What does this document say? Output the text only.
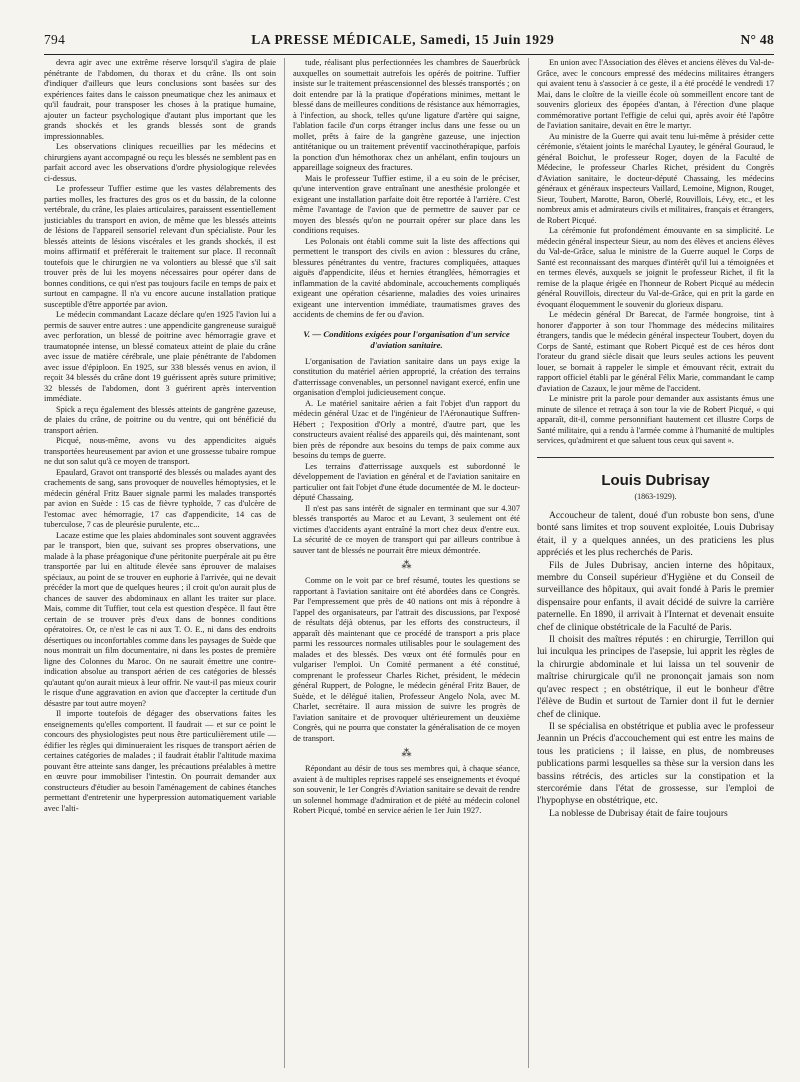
794	LA PRESSE MÉDICALE, Samedi, 15 Juin 1929	N° 48

devra agir avec une extrême réserve lorsqu'il s'agira de plaie pénétrante de l'abdomen, du thorax et du crâne. Ils ont soin d'indiquer d'ailleurs que leurs conclusions sont basées sur des expériences faites dans le caisson pneumatique chez les animaux et qu'il faudrait, pour transposer les choses à la pratique humaine, ajouter un facteur psychologique d'autant plus important que les grands shockés et les grands blessés sont de grands impressionnables.

Les observations cliniques recueillies par les médecins et chirurgiens ayant accompagné ou reçu les blessés ne semblent pas en parfait accord avec les observations d'ordre physiologique relevées ci-dessus.

Le professeur Tuffier estime que les vastes délabrements des parties molles, les fractures des gros os et du bassin, de la colonne vertébrale, du crâne, les plaies articulaires, paraissent essentiellement justiciables du transport en avion, de même que les blessés atteints de lésions de l'appareil sensoriel relevant d'un spécialiste. Pour les blessés atteints de lésions viscérales et les grands shockés, il est moins affirmatif et préférerait le traitement sur place. Il reconnaît toutefois que le chirurgien ne va volontiers au blessé que s'il sait trouver près de lui les moyens nécessaires pour opérer dans de bonnes conditions, ce qui n'est pas toujours facile en temps de paix et surtout en campagne. Il n'a vu encore aucune installation pratique susceptible d'être apportée par avion.

Le médecin commandant Lacaze déclare qu'en 1925 l'avion lui a permis de sauver entre autres : une appendicite gangreneuse suraiguë avec perforation, un blessé de poitrine avec hémorragie grave et traumatopnée intense, un blessé comateux atteint de plaie du crâne avec issue de matière cérébrale, une plaie pénétrante de l'abdomen avec issue d'épiploon. En 1925, sur 338 blessés venus en avion, il reçoit 34 blessés du crâne dont 19 guérissent après suture primitive; 32 blessés de l'abdomen, dont 3 guérirent après intervention immédiate.

Spick a reçu également des blessés atteints de gangrène gazeuse, de plaies du crâne, de poitrine ou du ventre, qui ont bénéficié du transport aérien.

Picqué, nous-même, avons vu des appendicites aiguës transportées heureusement par avion et une grossesse tubaire rompue ne dut son salut qu'à ce moyen de transport.

Epaulard, Gravot ont transporté des blessés ou malades ayant des crachements de sang, sans provoquer de nouvelles hémoptysies, et le médecin général Fritz Bauer signale parmi les malades transportés par avion en Suède : 15 cas de fièvre typhoïde, 7 cas d'ulcère de l'estomac avec hémorragie, 17 cas d'appendicite, 14 cas de tuberculose, 7 cas de pleurésie purulente, etc...

Lacaze estime que les plaies abdominales sont souvent aggravées par le transport, bien que, suivant ses propres observations, une malade à la phase préagonique d'une péritonite puerpérale ait pu être transportée par lui en altitude élevée sans éprouver de malaises spéciaux, au point de se trouver en euphorie à l'arrivée, qui ne devait précéder la mort que de quelques heures ; il croit qu'on aurait plus de chances de sauver des abdominaux en allant les traiter sur place. Mais, comme dit Tuffier, tout cela est question d'espèce. Il faut être certain de se trouver près d'eux dans de bonnes conditions opératoires. Or, ce n'est le cas ni aux T. O. E., ni dans des endroits désertiques ou inconfortables comme dans les paysages de Suède que nous montrait un film documentaire, ni dans les postes de première ligne des Colonnes du Maroc. On ne saurait émettre une contre-indication absolue au transport aérien de ces catégories de blessés qu'autant qu'on aurait mieux à leur offrir. Ne vaut-il pas mieux courir le risque d'une aggravation en avion que d'accepter la certitude d'un désastre par tout autre moyen?

Il importe toutefois de dégager des observations faites les enseignements qu'elles comportent. Il faudrait — et sur ce point le concours des physiologistes peut nous être particulièrement utile — édifier les règles qui diminueraient les risques de transport aérien de certaines catégories de malades ; il faudrait établir l'altitude maxima pouvant être atteinte sans danger, les précautions préalables à mettre en œuvre pour immobiliser l'intestin. On pourrait demander aux constructeurs d'étudier au besoin l'aménagement de cabines étanches permettant d'entretenir une hyperpression automatiquement variable avec l'alti-

tude, réalisant plus perfectionnées les chambres de Sauerbrück auxquelles on soumettait autrefois les opérés de poitrine. Tuffier insiste sur le traitement préascensionnel des blessés transportés ; on doit entendre par là la pratique d'opérations minimes, mettant le blessé dans de meilleures conditions de résistance aux hémorragies, à l'infection, au shock, telles qu'une ligature d'artère qui saigne, l'ablation facile d'un corps étranger inclus dans une fesse ou un mollet, prêts à faire de la gangrène gazeuse, une injection antitétanique ou un traitement préventif vaccinothérapique, parfois la ponction d'un hémothorax chez un anhélant, enfin toujours un appareillage soigneux des fractures.

Mais le professeur Tuffier estime, il a eu soin de le préciser, qu'une intervention grave entraînant une anesthésie prolongée et exigeant une installation parfaite doit être reportée à l'arrière. C'est même l'avantage de l'avion que de permettre de sauver par ce moyen des blessés qu'on ne pourrait opérer sur place dans les conditions requises.

Les Polonais ont établi comme suit la liste des affections qui permettent le transport des civils en avion : blessures du crâne, blessures pénétrantes du ventre, fractures compliquées, attaques aiguës d'appendicite, iléus et hernies étranglées, hémorragies et inflammation de la cavité abdominale, accouchements compliqués exigeant une opération césarienne, maladies des voies urinaires exigeant une intervention immédiate, traumatismes graves des accidents de chemins de fer ou d'avion.

V. — Conditions exigées pour l'organisation d'un service d'aviation sanitaire.

L'organisation de l'aviation sanitaire dans un pays exige la constitution du matériel aérien approprié, la création des terrains d'atterrissage convenables, un personnel navigant exercé, enfin une organisation d'emploi judicieusement conçue.

A. Le matériel sanitaire aérien a fait l'objet d'un rapport du médecin général Uzac et de l'ingénieur de l'Aéronautique Suffren-Hébert ; l'exposition d'Orly a montré, d'autre part, que les constructeurs avaient réalisé des appareils qui, dès maintenant, sont bien près de répondre aux besoins du temps de paix comme aux besoins du temps de guerre.

Les terrains d'atterrissage auxquels est subordonné le développement de l'aviation en général et de l'aviation sanitaire en particulier ont fait l'objet d'une étude documentée de M. le docteur-député Chassaing.

Il n'est pas sans intérêt de signaler en terminant que sur 4.307 blessés transportés au Maroc et au Levant, 3 seulement ont été victimes d'accidents ayant entraîné la mort chez deux d'entre eux. La sécurité de ce moyen de transport qui par ailleurs contribue à sauver tant de blessés ne pourrait être mieux démontrée.

⁂

Comme on le voit par ce bref résumé, toutes les questions se rapportant à l'aviation sanitaire ont été abordées dans ce Congrès. Par l'empressement que près de 40 nations ont mis à répondre à l'appel des organisateurs, par l'attrait des discussions, par l'exposé de résultats déjà obtenus, par les efforts des constructeurs, il apparaît dès maintenant que ce procédé de transport a pris place parmi les ressources normales utilisables pour le soulagement des malades et des blessés. Des vœux ont été formulés pour en vulgariser l'emploi. Un Comité permanent a été constitué, comprenant le professeur Charles Richet, président, le médecin général Ruppert, de Pologne, le médecin général Fritz Bauer, de Suède, et le délégué italien, Professeur Angelo Nola, avec M. Charlet, secrétaire. Il aura mission de suivre les progrès de l'aviation sanitaire et de provoquer ultérieurement un deuxième Congrès, qui ne pourra que constater la généralisation de ce moyen de transport.

⁂

Répondant au désir de tous ses membres qui, à chaque séance, avaient à de multiples reprises rappelé ses enseignements et évoqué son souvenir, le 1er Congrès d'Aviation sanitaire se devait de rendre un solennel hommage d'admiration et de piété au médecin colonel Robert Picqué, tombé en service aérien le 1er Juin 1927.

En union avec l'Association des élèves et anciens élèves du Val-de-Grâce, avec le concours empressé des médecins militaires étrangers qui avaient tenu à s'associer à ce geste, il a été procédé le vendredi 17 Mai, dans le cloître de la vieille école où sommeillent encore tant de souvenirs glorieux des épopées d'antan, à l'érection d'une plaque commémorative portant l'effigie de celui qui, après avoir été l'apôtre de l'aviation sanitaire, devait en être le martyr.

Au ministre de la Guerre qui avait tenu lui-même à présider cette cérémonie, s'étaient joints le maréchal Lyautey, le général Gouraud, le général Boichut, le professeur Roger, doyen de la Faculté de Médecine, le professeur Charles Richet, président du Congrès d'Aviation sanitaire, le docteur-député Chassaing, les médecins généraux et généraux inspecteurs Vaillard, Lemoine, Mignon, Rouget, Sieur, Toubert, Marotte, Baron, Oberlé, Rouvillois, Lévy, etc., et les nombreux amis et admirateurs civils et militaires, français et étrangers, de Robert Picqué.

La cérémonie fut profondément émouvante en sa simplicité. Le médecin général inspecteur Sieur, au nom des élèves et anciens élèves du Val-de-Grâce, salua le ministre de la Guerre auquel le Corps de Santé est reconnaissant des marques d'intérêt qu'il lui a témoignées et en termes élevés, auxquels se joignit le professeur Richet, il fit la remise de la plaque érigée en l'honneur de Robert Picqué au médecin général Rouvillois, directeur du Val-de-Grâce, qui en prit la garde en évoquant éloquemment le souvenir du glorieux disparu.

Le médecin général Dr Barecat, de l'armée hongroise, tint à honorer d'apporter à son tour l'hommage des médecins militaires étrangers, tandis que le médecin général inspecteur Toubert, doyen du Corps de Santé, estimant que Robert Picqué est de ces héros dont l'orateur du grand siècle disait que leurs seules actions les peuvent louer, se bornait à rappeler le simple et émouvant récit, extrait du rapport officiel établi par le général Félix Marie, commandant le camp d'aviation de Cazaux, le jour même de l'accident.

Le ministre prit la parole pour demander aux assistants émus une minute de silence et retraça à son tour la vie de Robert Picqué, « qui apparaît, dit-il, comme personnifiant hautement cet illustre Corps de Santé militaire, qui a rendu à l'armée comme à l'humanité de multiples services, qu'admirent et que saluent tous ceux qui savent ».

Louis Dubrisay
(1863-1929).

Accoucheur de talent, doué d'un robuste bon sens, d'une bonté sans limites et trop souvent exploitée, Louis Dubrisay était, il y a quelques années, un des praticiens les plus appréciés et les plus recherchés de Paris.

Fils de Jules Dubrisay, ancien interne des hôpitaux, membre du Conseil supérieur d'Hygiène et du Conseil de surveillance des hôpitaux, qui avait fondé à Paris le premier dispensaire pour enfants, il avait décidé de suivre la carrière paternelle. En 1890, il arrivait à l'Internat et devenait ensuite chef de clinique obstétricale de la Faculté de Paris.

Il choisit des maîtres réputés : en chirurgie, Terrillon qui lui inculqua les principes de l'asepsie, lui apprit les règles de la chirurgie abdominale et lui laissa un tel souvenir de maîtrise chirurgicale qu'il ne prononçait jamais son nom qu'avec respect ; en obstétrique, il eut le bonheur d'être l'élève de Budin et surtout de Tarnier dont il fut le dernier chef de clinique.

Il se spécialisa en obstétrique et publia avec le professeur Jeannin un Précis d'accouchement qui est entre les mains de tous les praticiens ; il laisse, en plus, de nombreuses publications parmi lesquelles sa thèse sur la version dans les bassins rétrécis, des articles sur la constipation et la stercorémie dans l'état de grossesse, sur l'emploi de l'hypophyse en obstétrique, etc.

La noblesse de Dubrisay était de faire toujours
